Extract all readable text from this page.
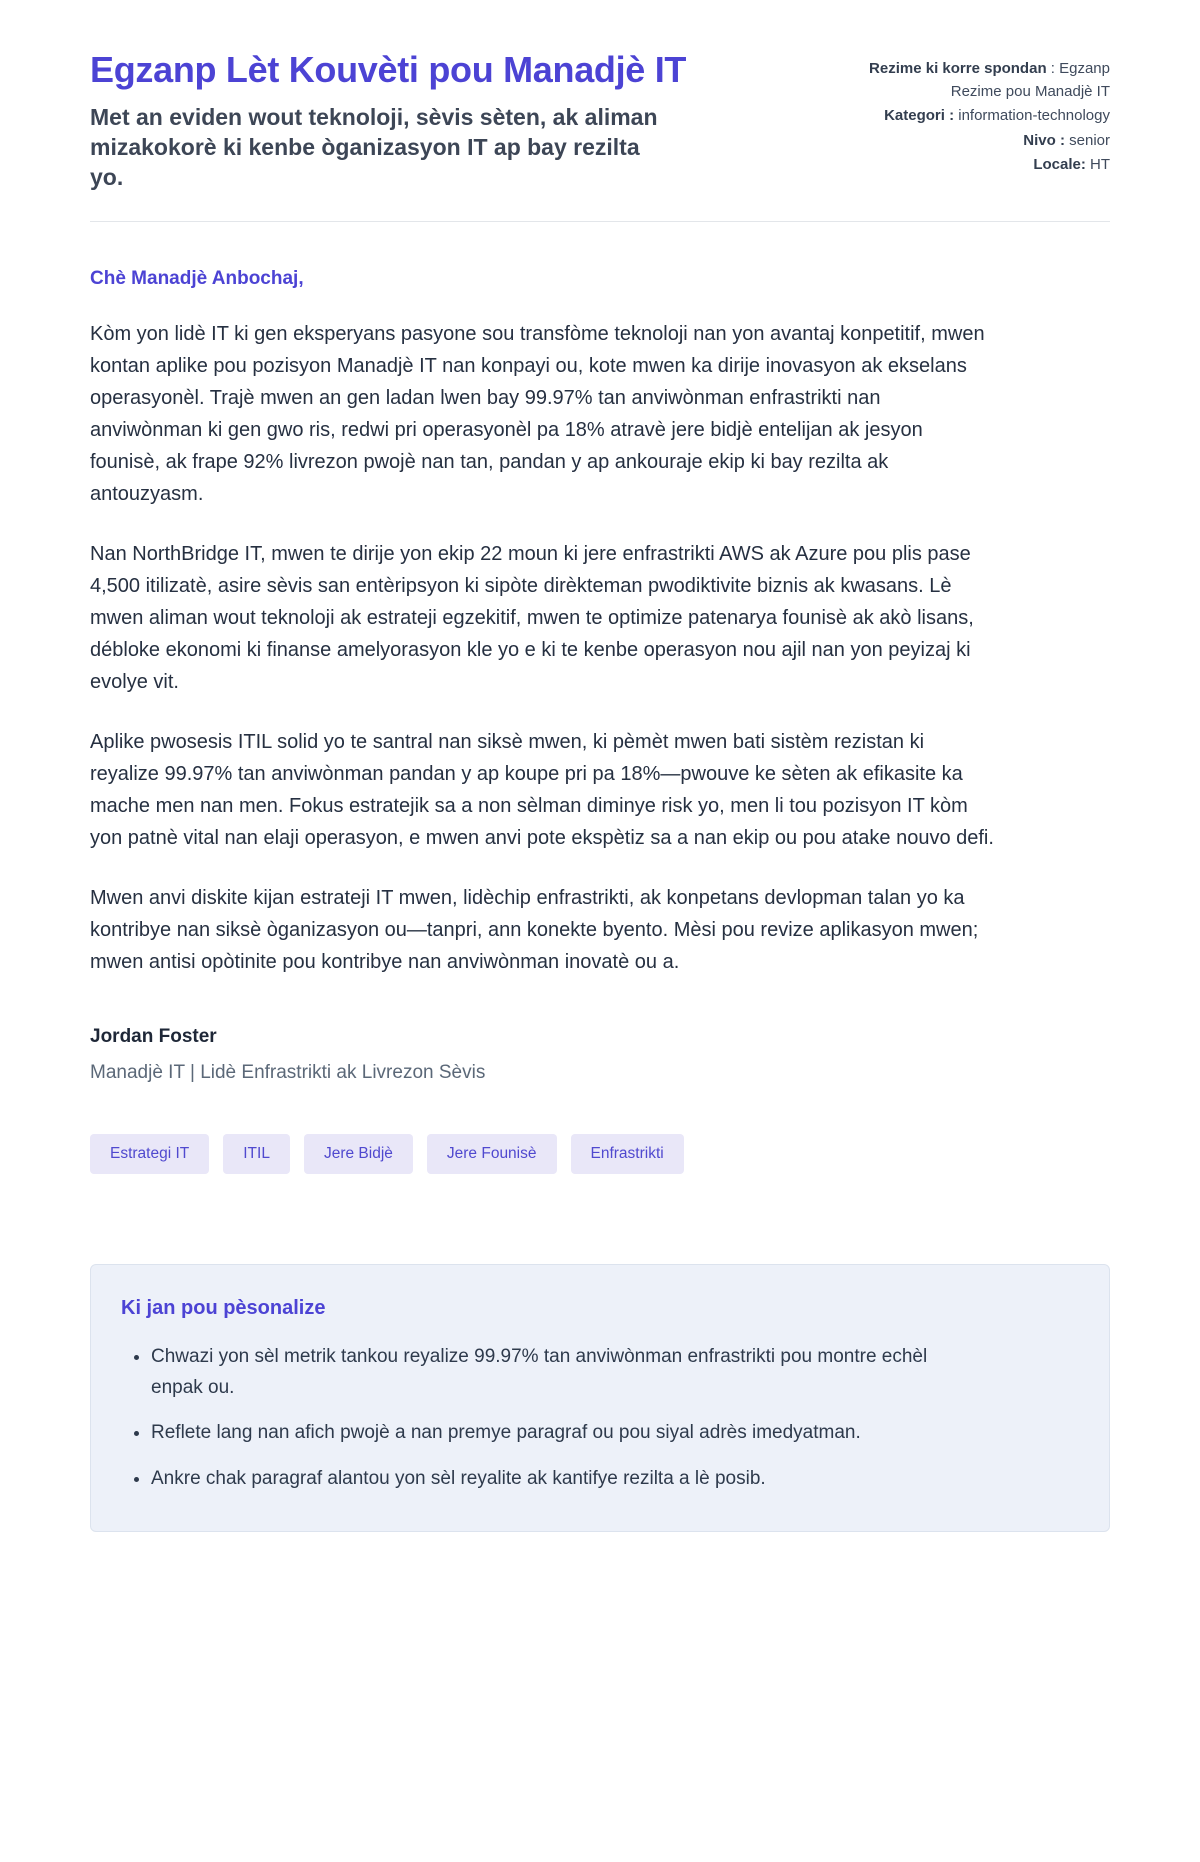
Egzanp Lèt Kouvèti pou Manadjè IT

Met an eviden wout teknoloji, sèvis sèten, ak aliman mizakokorè ki kenbe òganizasyon IT ap bay rezilta yo.

Rezime ki korre spondan : Egzanp Rezime pou Manadjè IT
Kategori : information-technology
Nivo : senior
Locale: HT
Chè Manadjè Anbochaj,

Kòm yon lidè IT ki gen eksperyans pasyone sou transfòme teknoloji nan yon avantaj konpetitif, mwen kontan aplike pou pozisyon Manadjè IT nan konpayi ou, kote mwen ka dirije inovasyon ak ekselans operasyonèl. Trajè mwen an gen ladan lwen bay 99.97% tan anviwònman enfrastrikti nan anviwònman ki gen gwo ris, redwi pri operasyonèl pa 18% atravè jere bidjè entelijan ak jesyon founisè, ak frape 92% livrezon pwojè nan tan, pandan y ap ankouraje ekip ki bay rezilta ak antouzyasm.

Nan NorthBridge IT, mwen te dirije yon ekip 22 moun ki jere enfrastrikti AWS ak Azure pou plis pase 4,500 itilizatè, asire sèvis san entèripsyon ki sipòte dirèkteman pwodiktivite biznis ak kwasans. Lè mwen aliman wout teknoloji ak estrateji egzekitif, mwen te optimize patenarya founisè ak akò lisans, débloke ekonomi ki finanse amelyorasyon kle yo e ki te kenbe operasyon nou ajil nan yon peyizaj ki evolye vit.

Aplike pwosesis ITIL solid yo te santral nan siksè mwen, ki pèmèt mwen bati sistèm rezistan ki reyalize 99.97% tan anviwònman pandan y ap koupe pri pa 18%—pwouve ke sèten ak efikasite ka mache men nan men. Fokus estratejik sa a non sèlman diminye risk yo, men li tou pozisyon IT kòm yon patnè vital nan elaji operasyon, e mwen anvi pote ekspètiz sa a nan ekip ou pou atake nouvo defi.

Mwen anvi diskite kijan estrateji IT mwen, lidèchip enfrastrikti, ak konpetans devlopman talan yo ka kontribye nan siksè òganizasyon ou—tanpri, ann konekte byento. Mèsi pou revize aplikasyon mwen; mwen antisi opòtinite pou kontribye nan anviwònman inovatè ou a.

Jordan Foster
Manadjè IT | Lidè Enfrastrikti ak Livrezon Sèvis
Estrategi IT	ITIL	Jere Bidjè	Jere Founisè	Enfrastrikti
Ki jan pou pèsonalize
• Chwazi yon sèl metrik tankou reyalize 99.97% tan anviwònman enfrastrikti pou montre echèl enpak ou.
• Reflete lang nan afich pwojè a nan premye paragraf ou pou siyal adrès imedyatman.
• Ankre chak paragraf alantou yon sèl reyalite ak kantifye rezilta a lè posib.
